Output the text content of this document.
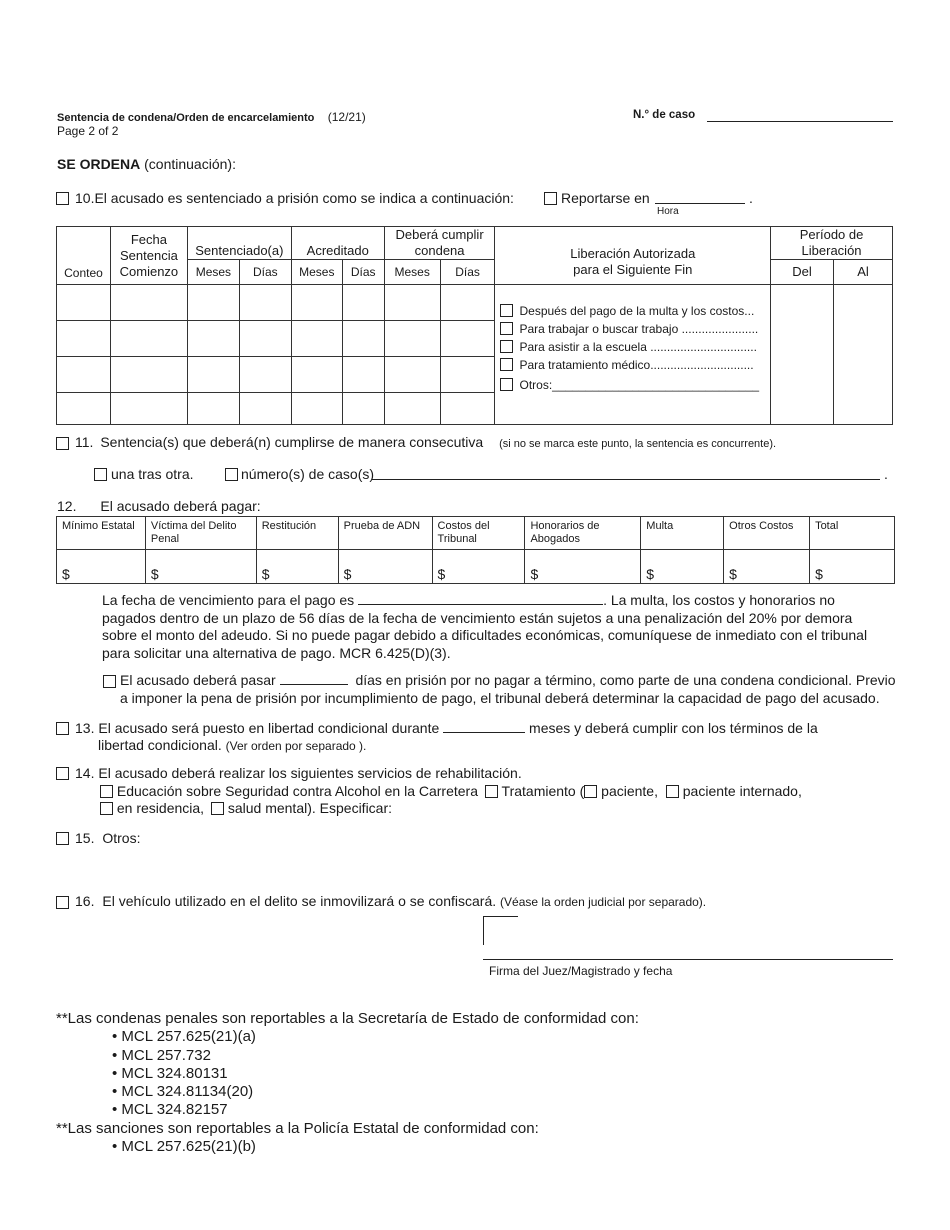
Sentencia de condena/Orden de encarcelamiento (12/21)
Page 2 of 2
N.° de caso
SE ORDENA (continuación):
10.El acusado es sentenciado a prisión como se indica a continuación:	Reportarse en	.
Hora
Conteo	Fecha Sentencia Comienzo	Sentenciado(a)		Acreditado		Deberá cumplir condena		Liberación Autorizada para el Siguiente Fin	Período de Liberación	
		Meses	Días	Meses	Días	Meses	Días		Del	Al

								Después del pago de la multa y los costos...
Para trabajar o buscar trabajo .......................
Para asistir a la escuela ................................
Para tratamiento médico...............................
Otros:_______________________________		

11. Sentencia(s) que deberá(n) cumplirse de manera consecutiva (si no se marca este punto, la sentencia es concurrente).
una tras otra.	número(s) de caso(s)	.
12. El acusado deberá pagar:
Mínimo Estatal	Víctima del Delito Penal	Restitución	Prueba de ADN	Costos del Tribunal	Honorarios de Abogados	Multa	Otros Costos	Total
$	$	$	$	$	$	$	$	$
La fecha de vencimiento para el pago es	. La multa, los costos y honorarios no
pagados dentro de un plazo de 56 días de la fecha de vencimiento están sujetos a una penalización del 20% por demora
sobre el monto del adeudo. Si no puede pagar debido a dificultades económicas, comuníquese de inmediato con el tribunal
para solicitar una alternativa de pago. MCR 6.425(D)(3).
El acusado deberá pasar	días en prisión por no pagar a término, como parte de una condena condicional. Previo
a imponer la pena de prisión por incumplimiento de pago, el tribunal deberá determinar la capacidad de pago del acusado.
13. El acusado será puesto en libertad condicional durante	meses y deberá cumplir con los términos de la
libertad condicional. (Ver orden por separado ).
14. El acusado deberá realizar los siguientes servicios de rehabilitación.
Educación sobre Seguridad contra Alcohol en la Carretera Tratamiento ( paciente, paciente internado,
en residencia, salud mental). Especificar:
15. Otros:
16. El vehículo utilizado en el delito se inmovilizará o se confiscará. (Véase la orden judicial por separado).
Firma del Juez/Magistrado y fecha
**Las condenas penales son reportables a la Secretaría de Estado de conformidad con:
• MCL 257.625(21)(a)
• MCL 257.732
• MCL 324.80131
• MCL 324.81134(20)
• MCL 324.82157
**Las sanciones son reportables a la Policía Estatal de conformidad con:
• MCL 257.625(21)(b)
